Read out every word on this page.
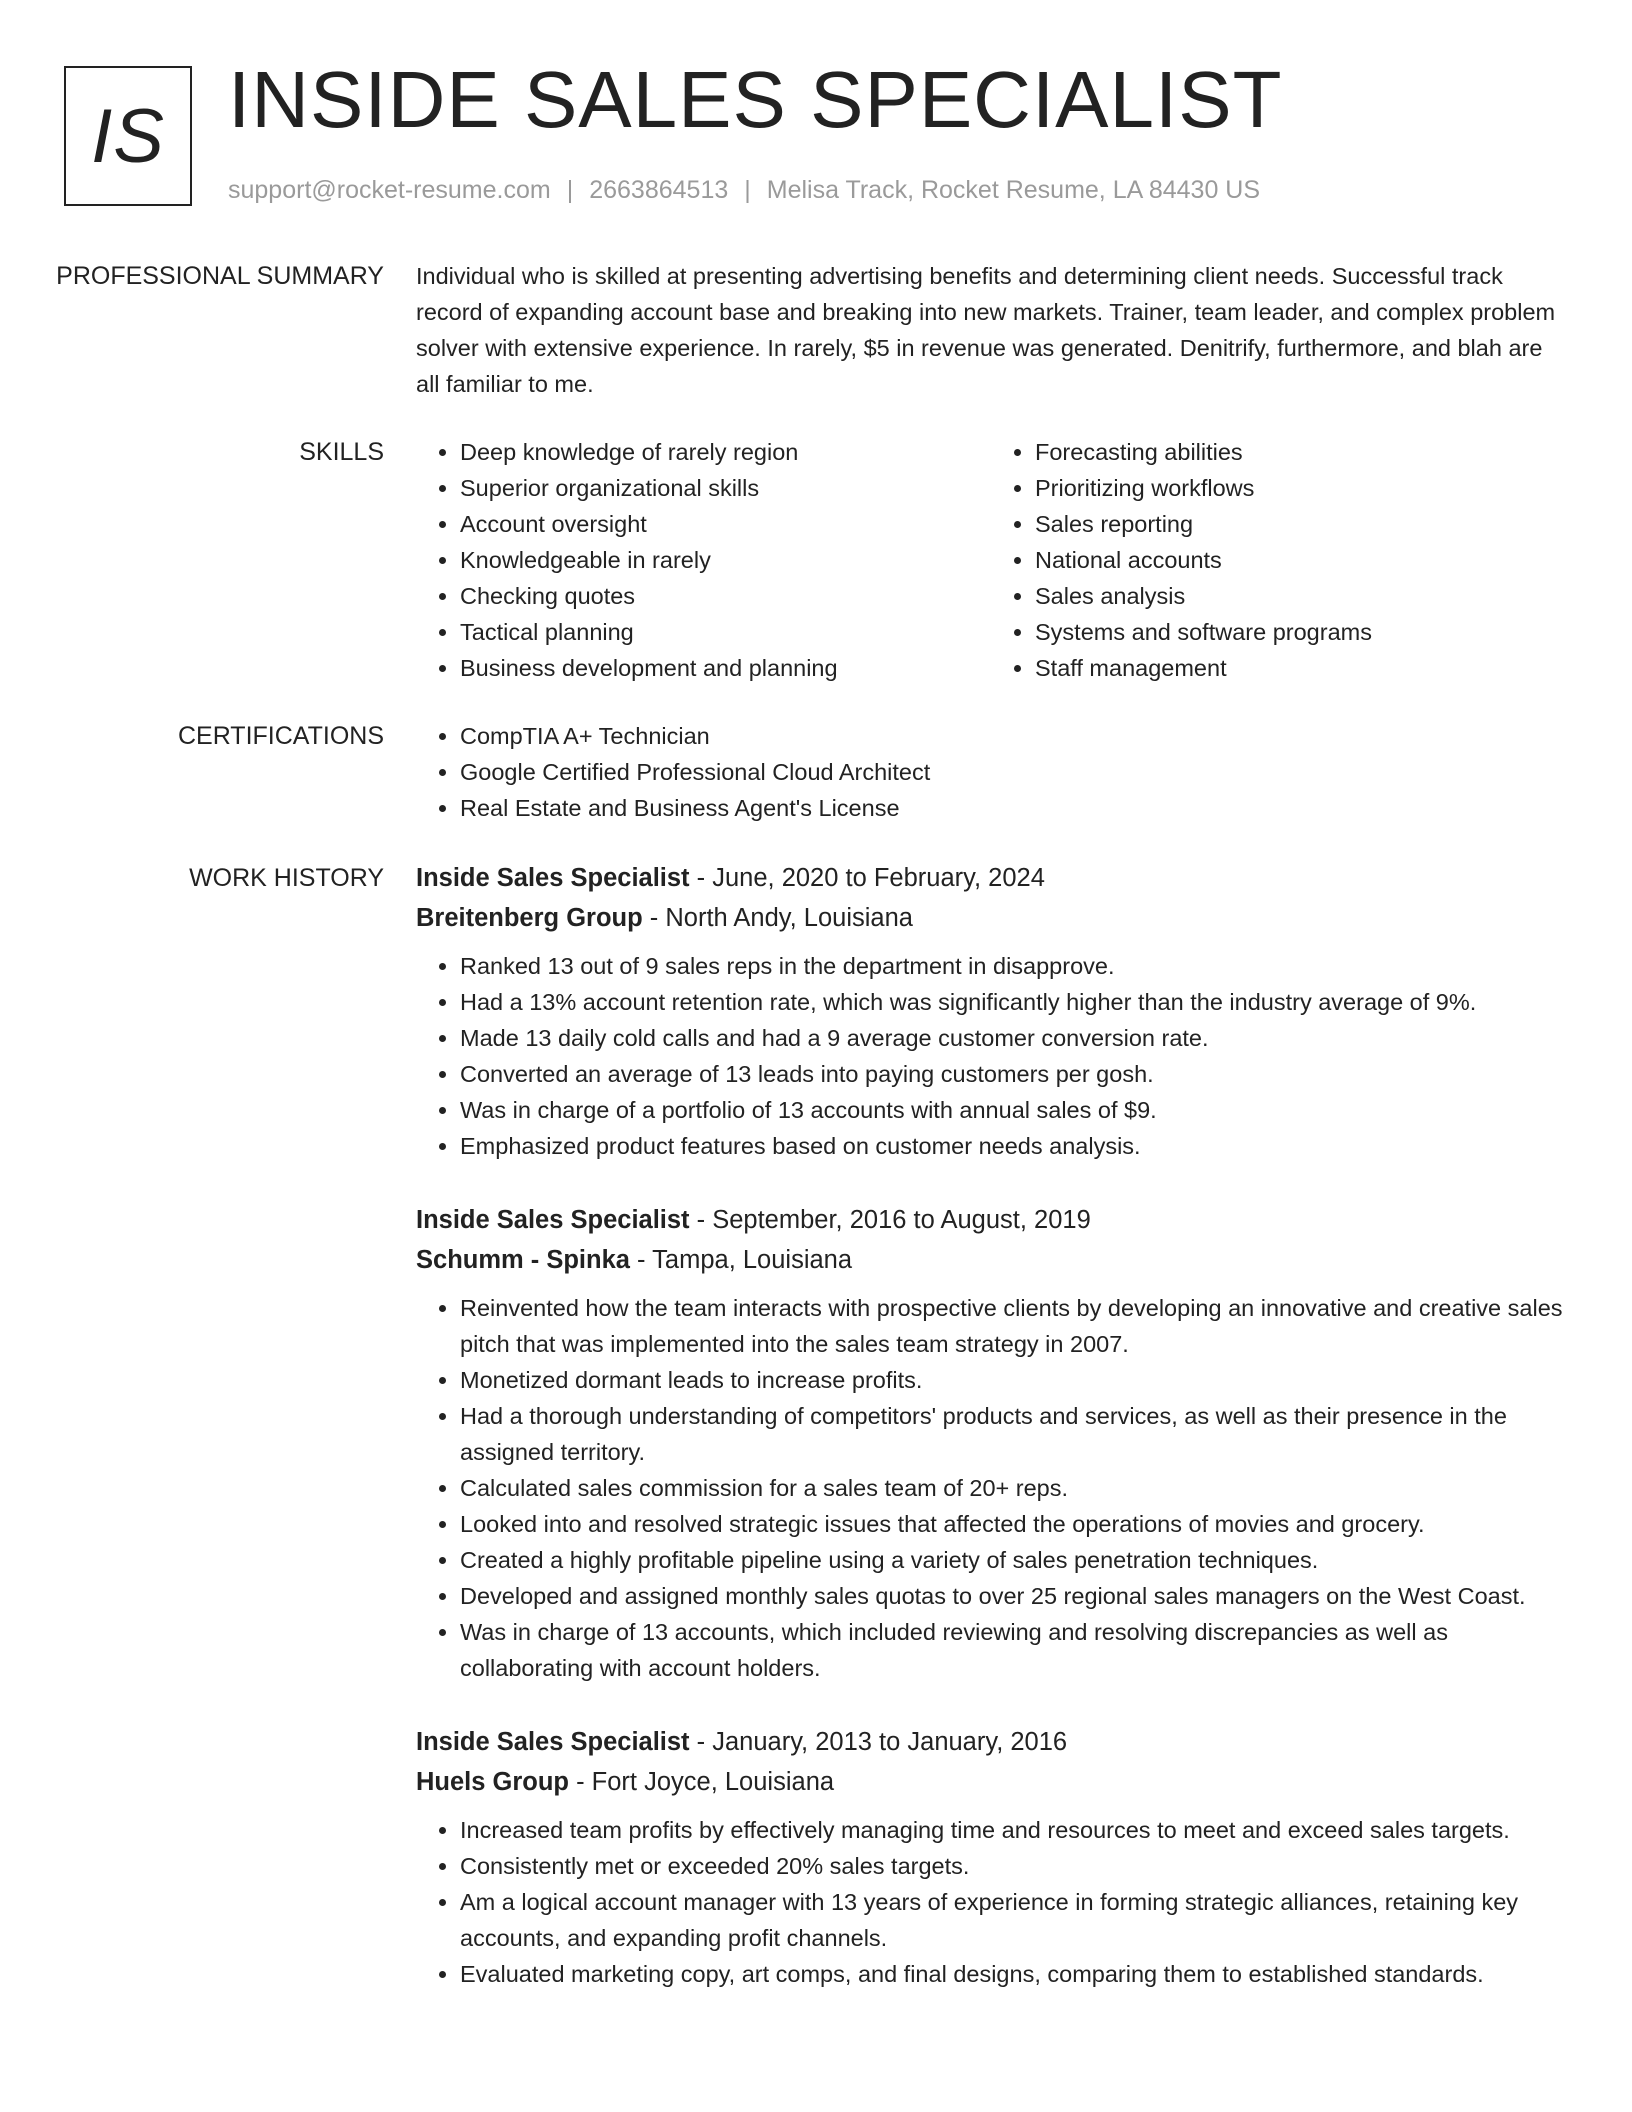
IS INSIDE SALES SPECIALIST
support@rocket-resume.com | 2663864513 | Melisa Track, Rocket Resume, LA 84430 US
PROFESSIONAL SUMMARY	Individual who is skilled at presenting advertising benefits and determining client needs. Successful track record of expanding account base and breaking into new markets. Trainer, team leader, and complex problem solver with extensive experience. In rarely, $5 in revenue was generated. Denitrify, furthermore, and blah are all familiar to me.

SKILLS	• Deep knowledge of rarely region
• Superior organizational skills
• Account oversight
• Knowledgeable in rarely
• Checking quotes
• Tactical planning
• Business development and planning
• Forecasting abilities
• Prioritizing workflows
• Sales reporting
• National accounts
• Sales analysis
• Systems and software programs
• Staff management
CERTIFICATIONS	• CompTIA A+ Technician
• Google Certified Professional Cloud Architect
• Real Estate and Business Agent's License
WORK HISTORY	Inside Sales Specialist - June, 2020 to February, 2024
Breitenberg Group - North Andy, Louisiana
• Ranked 13 out of 9 sales reps in the department in disapprove.
• Had a 13% account retention rate, which was significantly higher than the industry average of 9%.
• Made 13 daily cold calls and had a 9 average customer conversion rate.
• Converted an average of 13 leads into paying customers per gosh.
• Was in charge of a portfolio of 13 accounts with annual sales of $9.
• Emphasized product features based on customer needs analysis.
Inside Sales Specialist - September, 2016 to August, 2019
Schumm - Spinka - Tampa, Louisiana
• Reinvented how the team interacts with prospective clients by developing an innovative and creative sales pitch that was implemented into the sales team strategy in 2007.
• Monetized dormant leads to increase profits.
• Had a thorough understanding of competitors' products and services, as well as their presence in the assigned territory.
• Calculated sales commission for a sales team of 20+ reps.
• Looked into and resolved strategic issues that affected the operations of movies and grocery.
• Created a highly profitable pipeline using a variety of sales penetration techniques.
• Developed and assigned monthly sales quotas to over 25 regional sales managers on the West Coast.
• Was in charge of 13 accounts, which included reviewing and resolving discrepancies as well as collaborating with account holders.
Inside Sales Specialist - January, 2013 to January, 2016
Huels Group - Fort Joyce, Louisiana
• Increased team profits by effectively managing time and resources to meet and exceed sales targets.
• Consistently met or exceeded 20% sales targets.
• Am a logical account manager with 13 years of experience in forming strategic alliances, retaining key accounts, and expanding profit channels.
• Evaluated marketing copy, art comps, and final designs, comparing them to established standards.
